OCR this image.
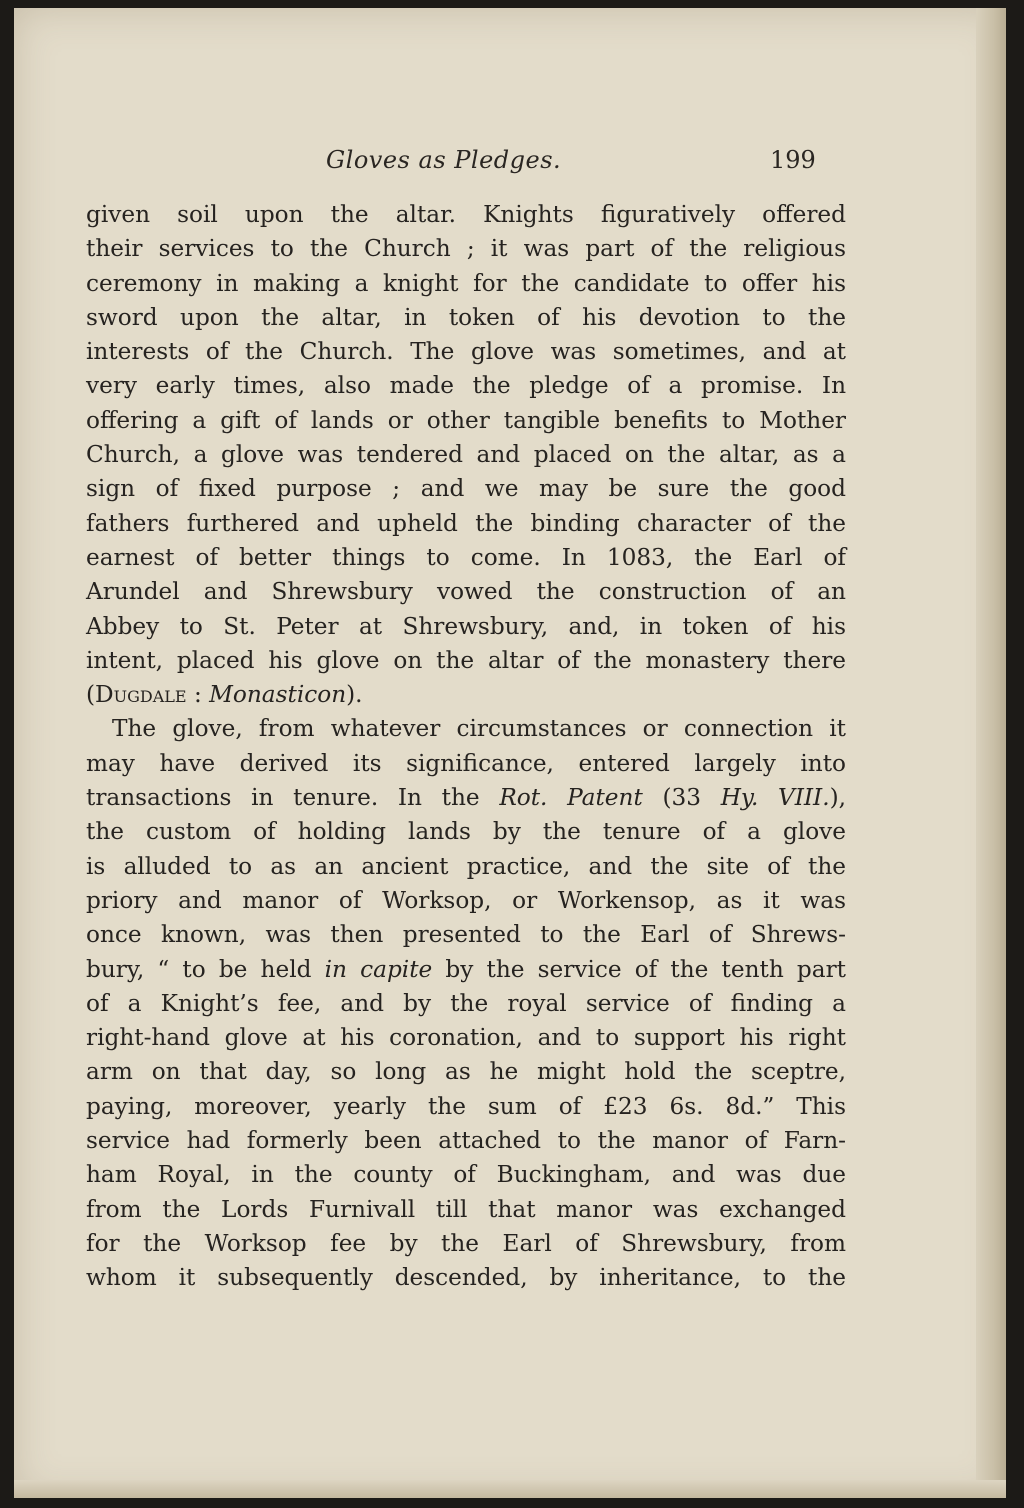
Gloves as Pledges.	199
given soil upon the altar. Knights figuratively offered
their services to the Church ; it was part of the religious
ceremony in making a knight for the candidate to offer his
sword upon the altar, in token of his devotion to the
interests of the Church. The glove was sometimes, and at
very early times, also made the pledge of a promise. In
offering a gift of lands or other tangible benefits to Mother
Church, a glove was tendered and placed on the altar, as a
sign of fixed purpose ; and we may be sure the good
fathers furthered and upheld the binding character of the
earnest of better things to come. In 1083, the Earl of
Arundel and Shrewsbury vowed the construction of an
Abbey to St. Peter at Shrewsbury, and, in token of his
intent, placed his glove on the altar of the monastery there
(Dugdale : Monasticon).
The glove, from whatever circumstances or connection it
may have derived its significance, entered largely into
transactions in tenure. In the Rot. Patent (33 Hy. VIII.),
the custom of holding lands by the tenure of a glove
is alluded to as an ancient practice, and the site of the
priory and manor of Worksop, or Workensop, as it was
once known, was then presented to the Earl of Shrews-
bury, “ to be held in capite by the service of the tenth part
of a Knight’s fee, and by the royal service of finding a
right-hand glove at his coronation, and to support his right
arm on that day, so long as he might hold the sceptre,
paying, moreover, yearly the sum of £23 6s. 8d.” This
service had formerly been attached to the manor of Farn-
ham Royal, in the county of Buckingham, and was due
from the Lords Furnivall till that manor was exchanged
for the Worksop fee by the Earl of Shrewsbury, from
whom it subsequently descended, by inheritance, to the
